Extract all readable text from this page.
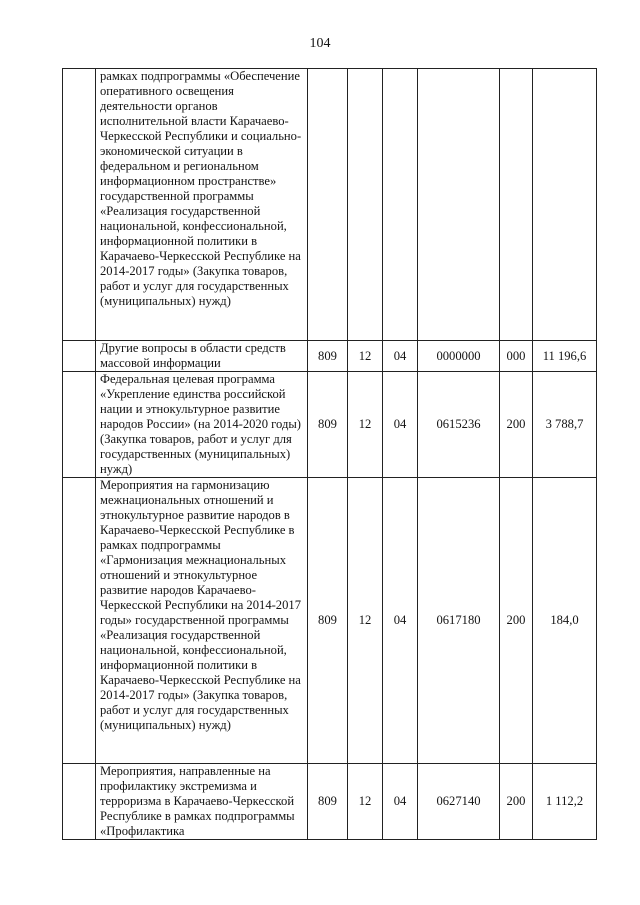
104

	рамках подпрограммы «Обеспечение оперативного освещения деятельности органов исполнительной власти Карачаево-Черкесской Республики и социально-экономической ситуации в федеральном и региональном информационном пространстве» государственной программы «Реализация государственной национальной, конфессиональной, информационной политики в Карачаево-Черкесской Республике на 2014-2017 годы» (Закупка товаров, работ и услуг для государственных (муниципальных) нужд)						

	Другие вопросы в области средств массовой информации	809	12	04	0000000	000	11 196,6

	Федеральная целевая программа «Укрепление единства российской нации и этнокультурное развитие народов России» (на 2014-2020 годы) (Закупка товаров, работ и услуг для государственных (муниципальных) нужд)	809	12	04	0615236	200	3 788,7

	Мероприятия на гармонизацию межнациональных отношений и этнокультурное развитие народов в Карачаево-Черкесской Республике в рамках подпрограммы «Гармонизация межнациональных отношений и этнокультурное развитие народов Карачаево-Черкесской Республики на 2014-2017 годы» государственной программы «Реализация государственной национальной, конфессиональной, информационной политики в Карачаево-Черкесской Республике на 2014-2017 годы» (Закупка товаров, работ и услуг для государственных (муниципальных) нужд)	809	12	04	0617180	200	184,0

	Мероприятия, направленные на профилактику экстремизма и терроризма в Карачаево-Черкесской Республике в рамках подпрограммы «Профилактика	809	12	04	0627140	200	1 112,2
